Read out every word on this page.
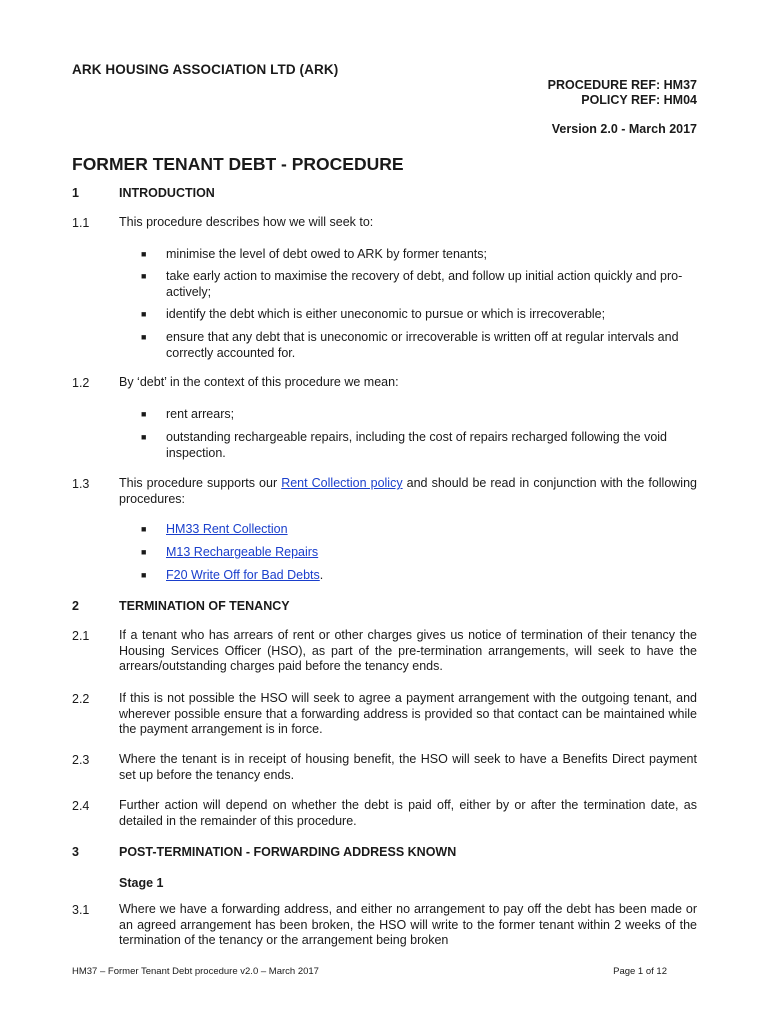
ARK HOUSING ASSOCIATION LTD (ARK)
PROCEDURE REF: HM37
POLICY REF: HM04
Version 2.0 - March 2017
FORMER TENANT DEBT - PROCEDURE
1	INTRODUCTION
1.1 This procedure describes how we will seek to:
■ minimise the level of debt owed to ARK by former tenants;
■ take early action to maximise the recovery of debt, and follow up initial action quickly and pro-actively;
■ identify the debt which is either uneconomic to pursue or which is irrecoverable;
■ ensure that any debt that is uneconomic or irrecoverable is written off at regular intervals and correctly accounted for.
1.2 By ‘debt’ in the context of this procedure we mean:
■ rent arrears;
■ outstanding rechargeable repairs, including the cost of repairs recharged following the void inspection.
1.3 This procedure supports our Rent Collection policy and should be read in conjunction with the following procedures:
■ HM33 Rent Collection
■ M13 Rechargeable Repairs
■ F20 Write Off for Bad Debts.
2	TERMINATION OF TENANCY
2.1 If a tenant who has arrears of rent or other charges gives us notice of termination of their tenancy the Housing Services Officer (HSO), as part of the pre-termination arrangements, will seek to have the arrears/outstanding charges paid before the tenancy ends.
2.2 If this is not possible the HSO will seek to agree a payment arrangement with the outgoing tenant, and wherever possible ensure that a forwarding address is provided so that contact can be maintained while the payment arrangement is in force.
2.3 Where the tenant is in receipt of housing benefit, the HSO will seek to have a Benefits Direct payment set up before the tenancy ends.
2.4 Further action will depend on whether the debt is paid off, either by or after the termination date, as detailed in the remainder of this procedure.
3	POST-TERMINATION - FORWARDING ADDRESS KNOWN
Stage 1
3.1 Where we have a forwarding address, and either no arrangement to pay off the debt has been made or an agreed arrangement has been broken, the HSO will write to the former tenant within 2 weeks of the termination of the tenancy or the arrangement being broken
HM37 – Former Tenant Debt procedure v2.0 – March 2017	Page 1 of 12
